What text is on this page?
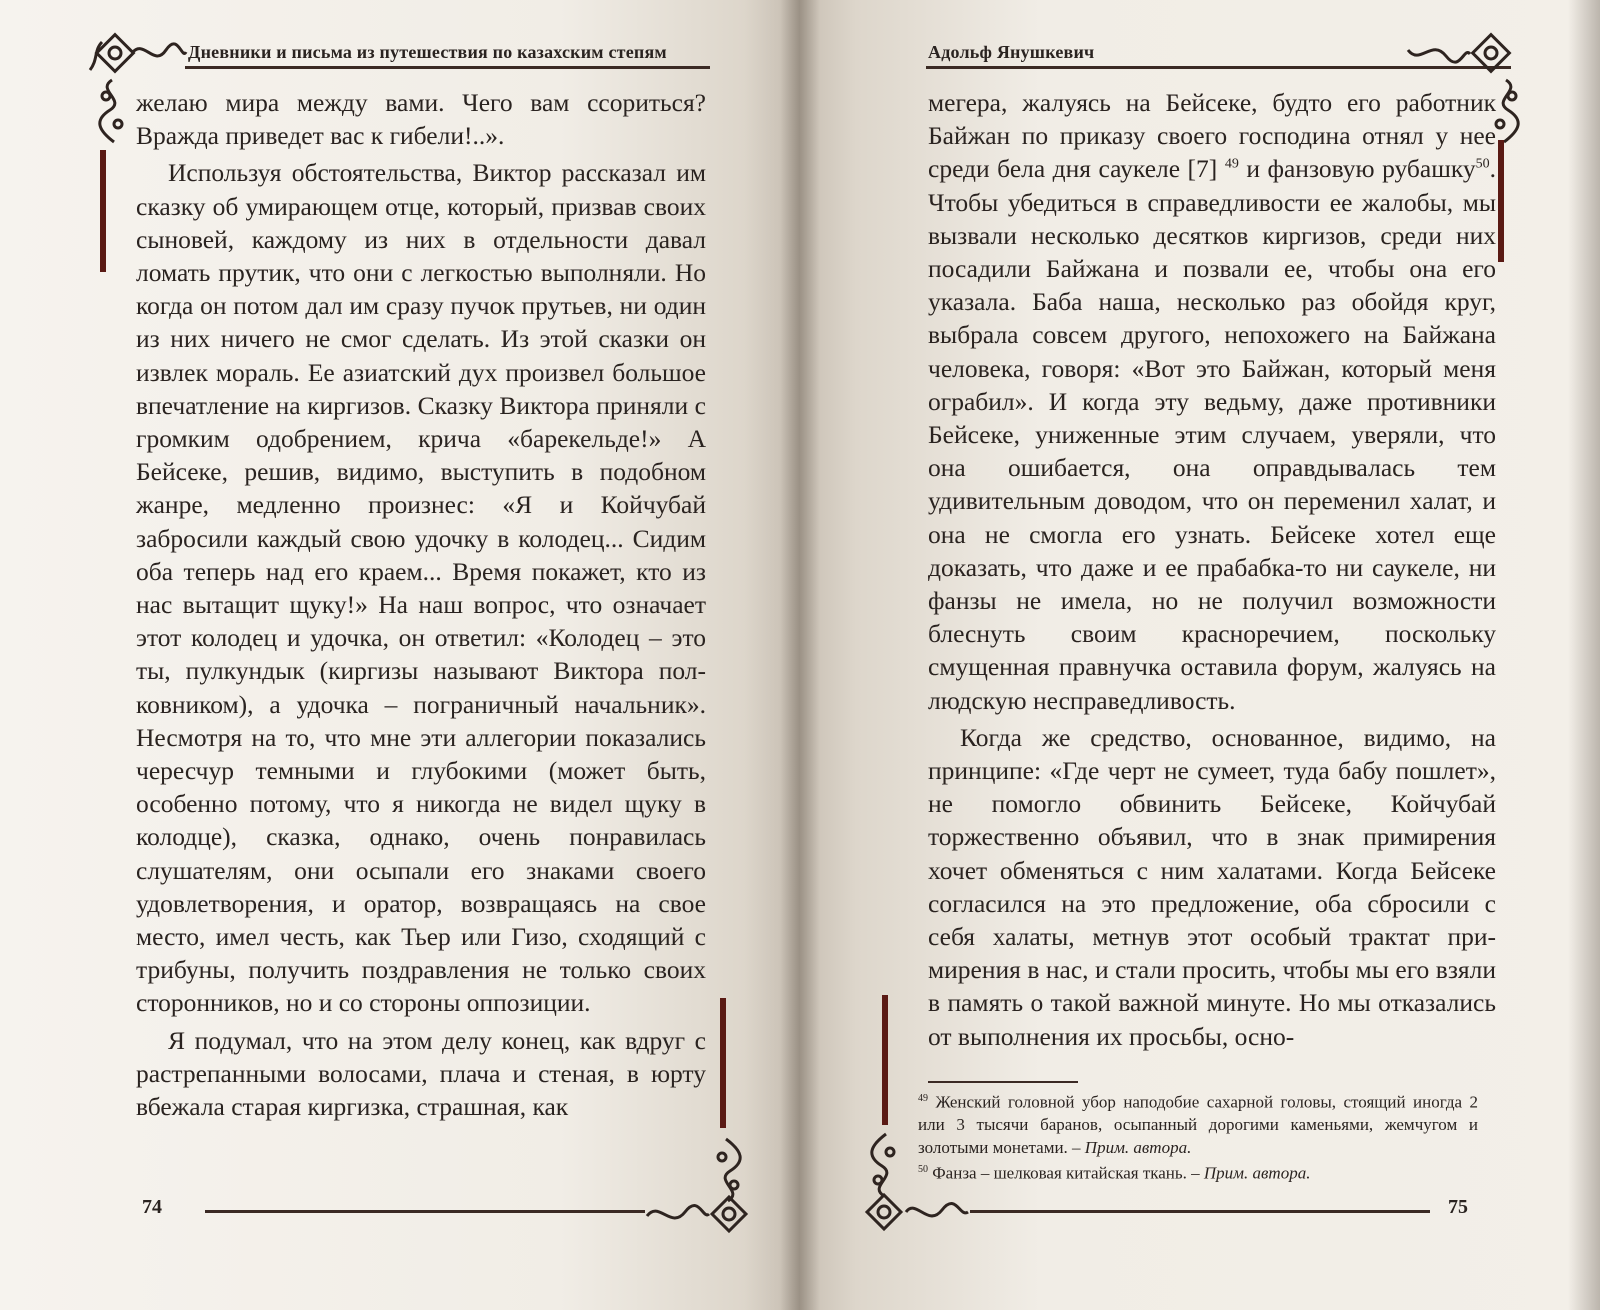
Дневники и письма из путешествия по казахским степям

желаю мира между вами. Чего вам ссориться? Вражда приведет вас к гибели!..».

Используя обстоятельства, Виктор рассказал им сказку об умирающем отце, который, призвав своих сыновей, каждому из них в отдельности давал ломать прутик, что они с легкостью выполняли. Но когда он потом дал им сразу пучок прутьев, ни один из них ничего не смог сделать. Из этой сказки он извлек мораль. Ее азиатский дух произвел большое впечатление на киргизов. Сказку Виктора приняли с громким одобрением, крича «барекельде!» А Бейсеке, решив, видимо, выступить в подобном жанре, медленно произнес: «Я и Койчубай забросили каждый свою удочку в колодец... Сидим оба теперь над его краем... Время покажет, кто из нас вытащит щуку!» На наш вопрос, что означает этот колодец и удочка, он ответил: «Колодец – это ты, пулкундык (киргизы называют Виктора полковником), а удочка – пограничный начальник». Несмотря на то, что мне эти аллегории показались чересчур темными и глубокими (может быть, особенно потому, что я никогда не видел щуку в колодце), сказка, однако, очень понравилась слушателям, они осыпали его знаками своего удовлетворения, и оратор, возвращаясь на свое место, имел честь, как Тьер или Гизо, сходящий с трибуны, получить поздравления не только своих сторонников, но и со стороны оппозиции.

Я подумал, что на этом делу конец, как вдруг с растрепанными волосами, плача и стеная, в юрту вбежала старая киргизка, страшная, как

74
Адольф Янушкевич

мегера, жалуясь на Бейсеке, будто его работник Байжан по приказу своего господина отнял у нее среди бела дня саукеле [7] $^{49}$ и фанзовую рубашку$^{50}$. Чтобы убедиться в справедливости ее жалобы, мы вызвали несколько десятков киргизов, среди них посадили Байжана и позвали ее, чтобы она его указала. Баба наша, несколько раз обойдя круг, выбрала совсем другого, непохожего на Байжана человека, говоря: «Вот это Байжан, который меня ограбил». И когда эту ведьму, даже противники Бейсеке, униженные этим случаем, уверяли, что она ошибается, она оправдывалась тем удивительным доводом, что он переменил халат, и она не смогла его узнать. Бейсеке хотел еще доказать, что даже и ее прабабка-то ни саукеле, ни фанзы не имела, но не получил возможности блеснуть своим красноречием, поскольку смущенная правнучка оставила форум, жалуясь на людскую несправедливость.

Когда же средство, основанное, видимо, на принципе: «Где черт не сумеет, туда бабу пошлет», не помогло обвинить Бейсеке, Койчубай торжественно объявил, что в знак примирения хочет обменяться с ним халатами. Когда Бейсеке согласился на это предложение, оба сбросили с себя халаты, метнув этот особый трактат примирения в нас, и стали просить, чтобы мы его взяли в память о такой важной минуте. Но мы отказались от выполнения их просьбы, осно-

$^{49}$ Женский головной убор наподобие сахарной головы, стоящий иногда 2 или 3 тысячи баранов, осыпанный дорогими каменьями, жемчугом и золотыми монетами. – Прим. автора.

$^{50}$ Фанза – шелковая китайская ткань. – Прим. автора.

75
